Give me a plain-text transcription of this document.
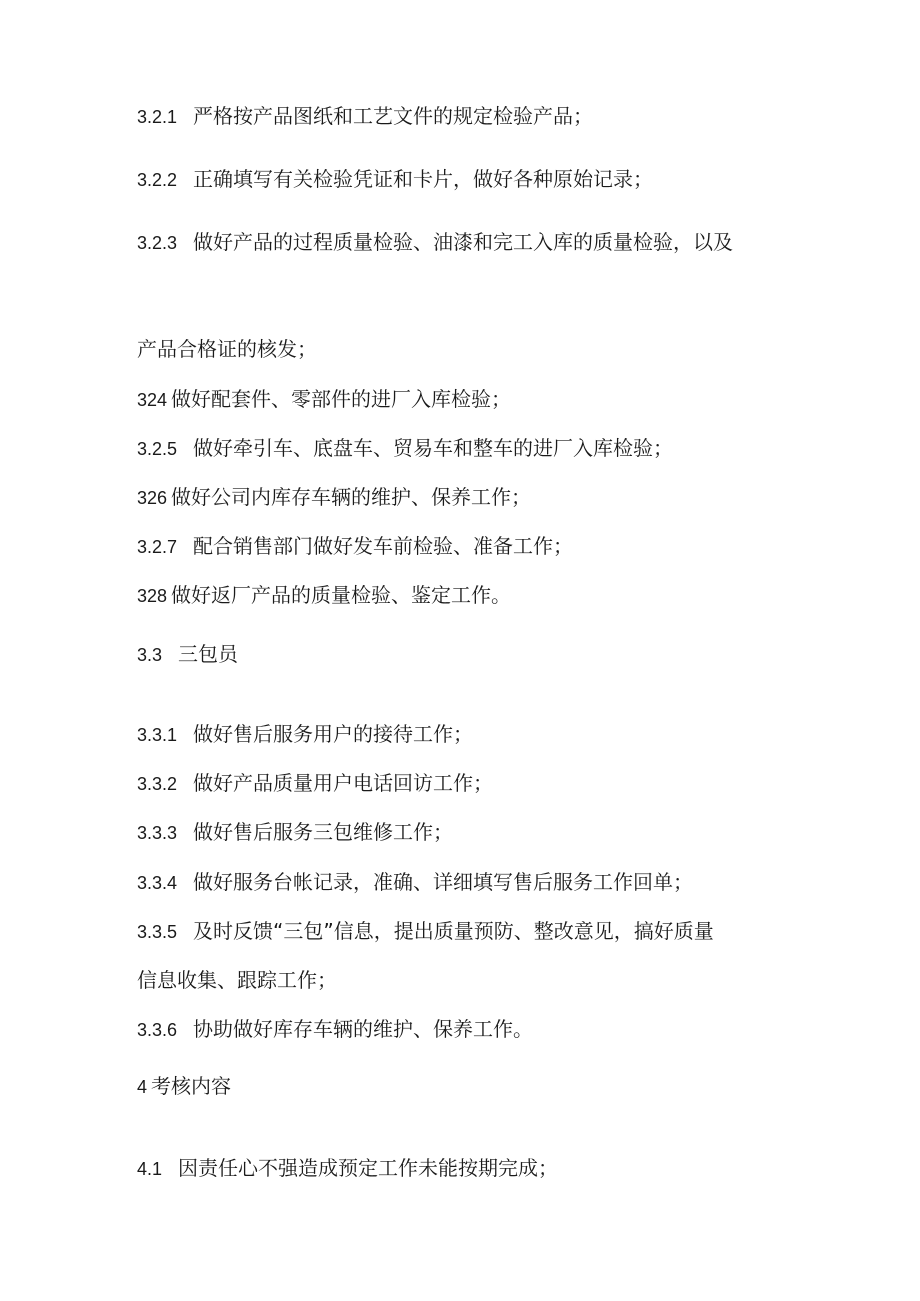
3.2.1 严格按产品图纸和工艺文件的规定检验产品；
3.2.2 正确填写有关检验凭证和卡片，做好各种原始记录；
3.2.3 做好产品的过程质量检验、油漆和完工入库的质量检验，以及
产品合格证的核发；
324 做好配套件、零部件的进厂入库检验；
3.2.5 做好牵引车、底盘车、贸易车和整车的进厂入库检验；
326 做好公司内库存车辆的维护、保养工作；
3.2.7 配合销售部门做好发车前检验、准备工作；
328 做好返厂产品的质量检验、鉴定工作。
3.3 三包员
3.3.1 做好售后服务用户的接待工作；
3.3.2 做好产品质量用户电话回访工作；
3.3.3 做好售后服务三包维修工作；
3.3.4 做好服务台帐记录，准确、详细填写售后服务工作回单；
3.3.5 及时反馈“三包”信息，提出质量预防、整改意见，搞好质量
信息收集、跟踪工作；
3.3.6 协助做好库存车辆的维护、保养工作。
4 考核内容
4.1 因责任心不强造成预定工作未能按期完成；
